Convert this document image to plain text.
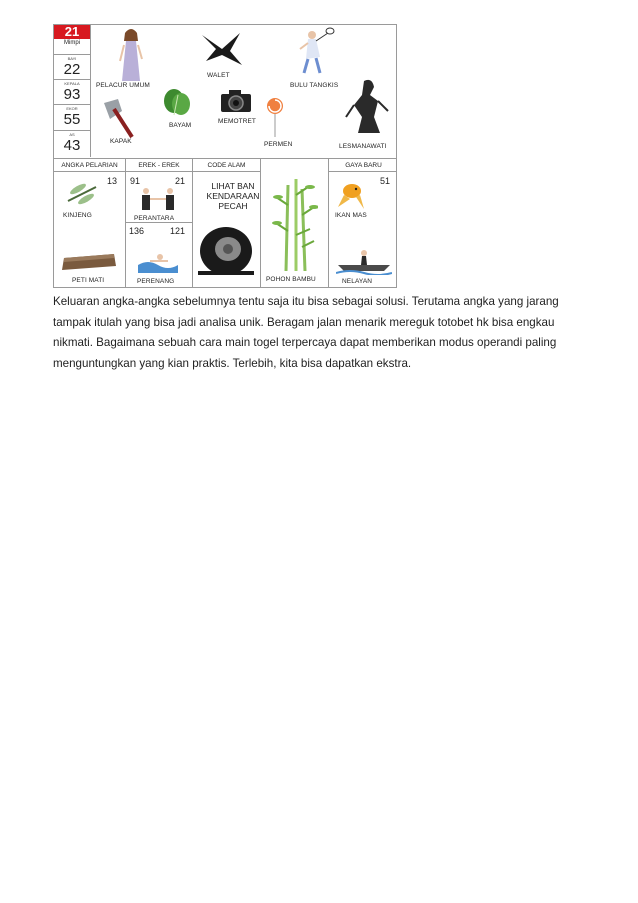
21
Mimpi
BAYI
22
KEPALA
93
EKOR
55
AS
43
PELACUR UMUM
WALET
BULU TANGKIS
KAPAK
BAYAM
MEMOTRET
PERMEN	LESMANAWATI
ANGKA PELARIAN	EREK - EREK	CODE ALAM	GAYA BARU
13
KINJENG
PETI MATI
91	21
PERANTARA
136	121
PERENANG
LIHAT BAN
KENDARAAN
PECAH
POHON BAMBU
51
IKAN MAS
NELAYAN

Keluaran angka-angka sebelumnya tentu saja itu bisa sebagai solusi. Terutama angka yang jarang tampak itulah yang bisa jadi analisa unik. Beragam jalan menarik mereguk totobet hk bisa engkau nikmati. Bagaimana sebuah cara main togel terpercaya dapat memberikan modus operandi paling menguntungkan yang kian praktis. Terlebih, kita bisa dapatkan ekstra.
